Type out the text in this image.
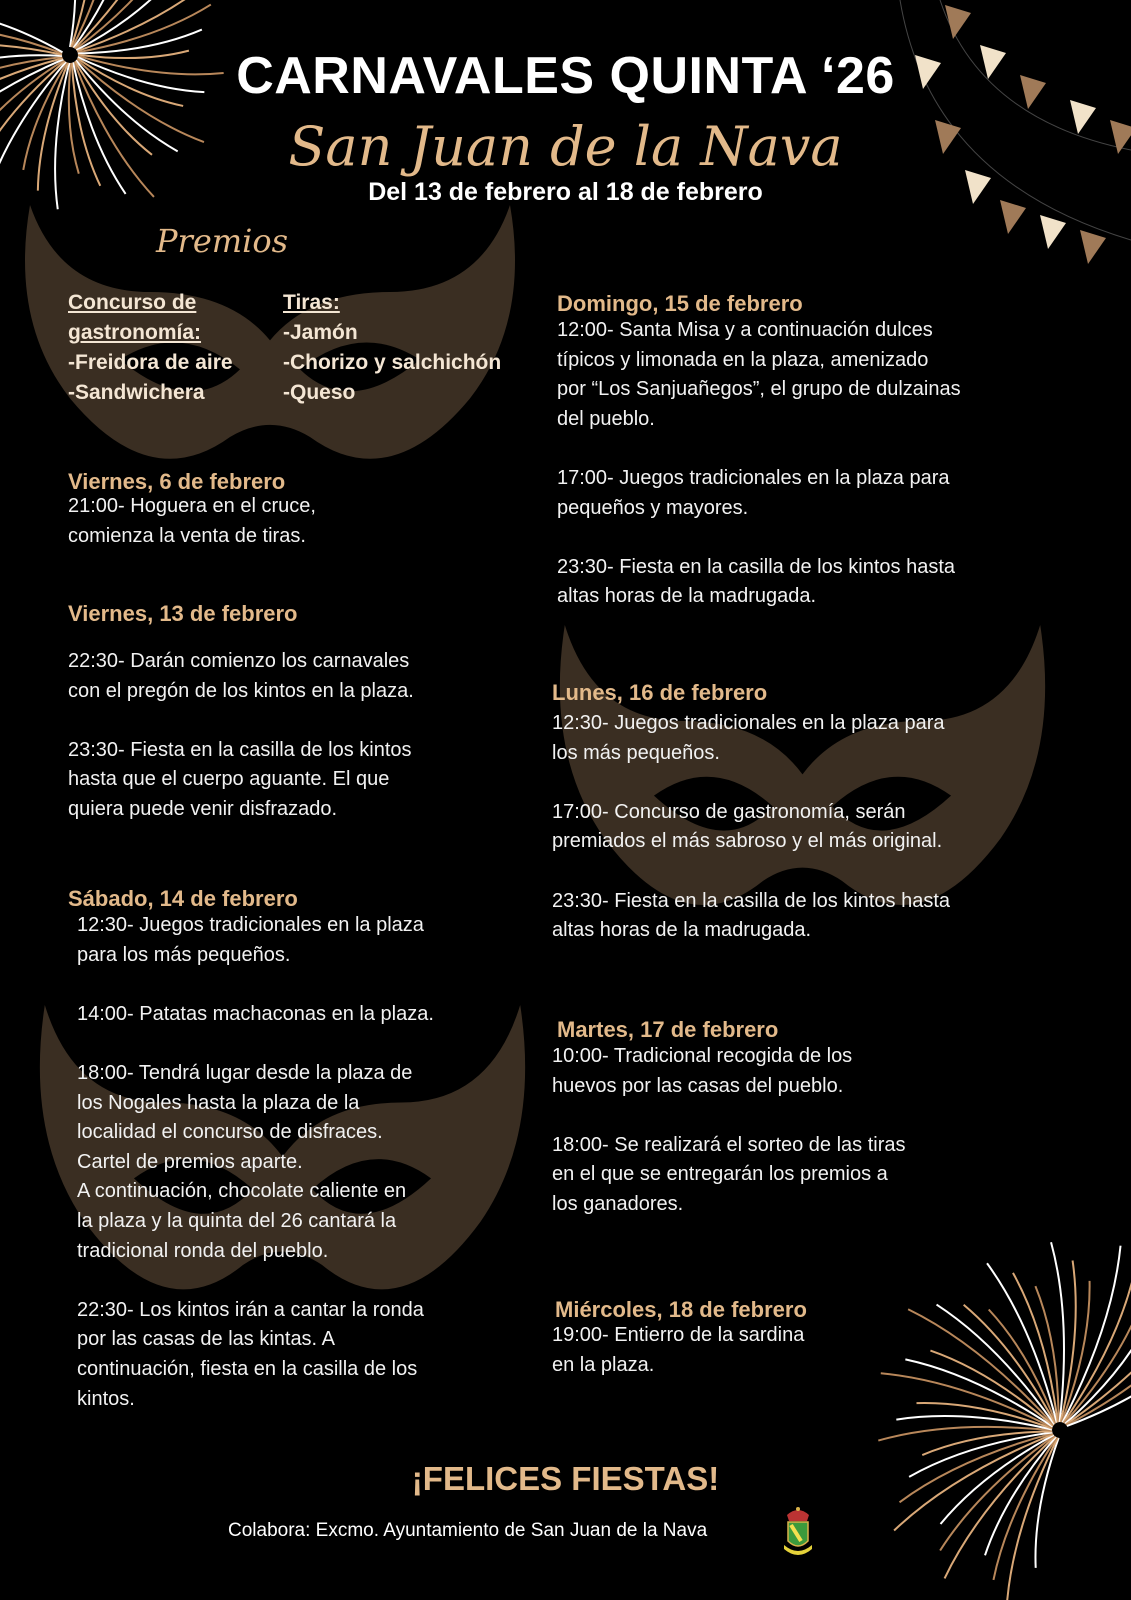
CARNAVALES QUINTA ‘26
San Juan de la Nava
Del 13 de febrero al 18 de febrero
Premios
Concurso de
gastronomía:
-Freidora de aire
-Sandwichera
Tiras:
-Jamón
-Chorizo y salchichón
-Queso
Viernes, 6 de febrero
21:00- Hoguera en el cruce,
comienza la venta de tiras.
Viernes, 13 de febrero
22:30- Darán comienzo los carnavales
con el pregón de los kintos en la plaza.
23:30- Fiesta en la casilla de los kintos
hasta que el cuerpo aguante. El que
quiera puede venir disfrazado.
Sábado, 14 de febrero
12:30- Juegos tradicionales en la plaza
para los más pequeños.
14:00- Patatas machaconas en la plaza.
18:00- Tendrá lugar desde la plaza de
los Nogales hasta la plaza de la
localidad el concurso de disfraces.
Cartel de premios aparte.
A continuación, chocolate caliente en
la plaza y la quinta del 26 cantará la
tradicional ronda del pueblo.
22:30- Los kintos irán a cantar la ronda
por las casas de las kintas. A
continuación, fiesta en la casilla de los
kintos.
Domingo, 15 de febrero
12:00- Santa Misa y a continuación dulces
típicos y limonada en la plaza, amenizado
por “Los Sanjuañegos”, el grupo de dulzainas
del pueblo.
17:00- Juegos tradicionales en la plaza para
pequeños y mayores.
23:30- Fiesta en la casilla de los kintos hasta
altas horas de la madrugada.
Lunes, 16 de febrero
12:30- Juegos tradicionales en la plaza para
los más pequeños.
17:00- Concurso de gastronomía, serán
premiados el más sabroso y el más original.
23:30- Fiesta en la casilla de los kintos hasta
altas horas de la madrugada.
Martes, 17 de febrero
10:00- Tradicional recogida de los
huevos por las casas del pueblo.
18:00- Se realizará el sorteo de las tiras
en el que se entregarán los premios a
los ganadores.
Miércoles, 18 de febrero
19:00- Entierro de la sardina
en la plaza.
¡FELICES FIESTAS!
Colabora: Excmo. Ayuntamiento de San Juan de la Nava
